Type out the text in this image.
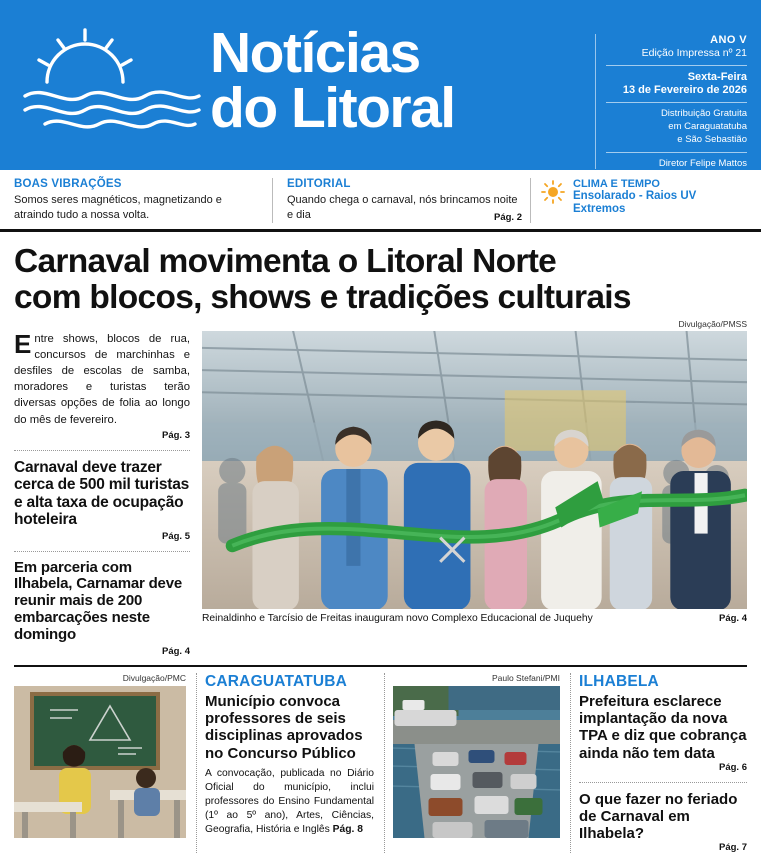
Notícias
do Litoral
ANO V
Edição Impressa nº 21
Sexta-Feira
13 de Fevereiro de 2026
Distribuição Gratuita
em Caraguatatuba
e São Sebastião
Diretor Felipe Mattos
BOAS VIBRAÇÕES
Somos seres magnéticos, magnetizando e atraindo tudo a nossa volta.
EDITORIAL
Quando chega o carnaval, nós brincamos noite e dia	Pág. 2
CLIMA E TEMPO
Ensolarado - Raios UV
Extremos
Carnaval movimenta o Litoral Norte
com blocos, shows e tradições culturais
Divulgação/PMSS
Entre shows, blocos de rua, concursos de marchinhas e desfiles de escolas de samba, moradores e turistas terão diversas opções de folia ao longo do mês de fevereiro.
Pág. 3
Carnaval deve trazer cerca de 500 mil turistas e alta taxa de ocupação hoteleira
Pág. 5
Em parceria com Ilhabela, Carnamar deve reunir mais de 200 embarcações neste domingo
Pág. 4
Reinaldinho e Tarcísio de Freitas inauguram novo Complexo Educacional de Juquehy	Pág. 4
Divulgação/PMC CARAGUATATUBA
Município convoca professores de seis disciplinas aprovados no Concurso Público
A convocação, publicada no Diário Oficial do município, inclui professores do Ensino Fundamental (1º ao 5º ano), Artes, Ciências, Geografia, História e Inglês Pág. 8
Paulo Stefani/PMI ILHABELA
Prefeitura esclarece implantação da nova TPA e diz que cobrança ainda não tem data
Pág. 6
O que fazer no feriado de Carnaval em Ilhabela?
Pág. 7
